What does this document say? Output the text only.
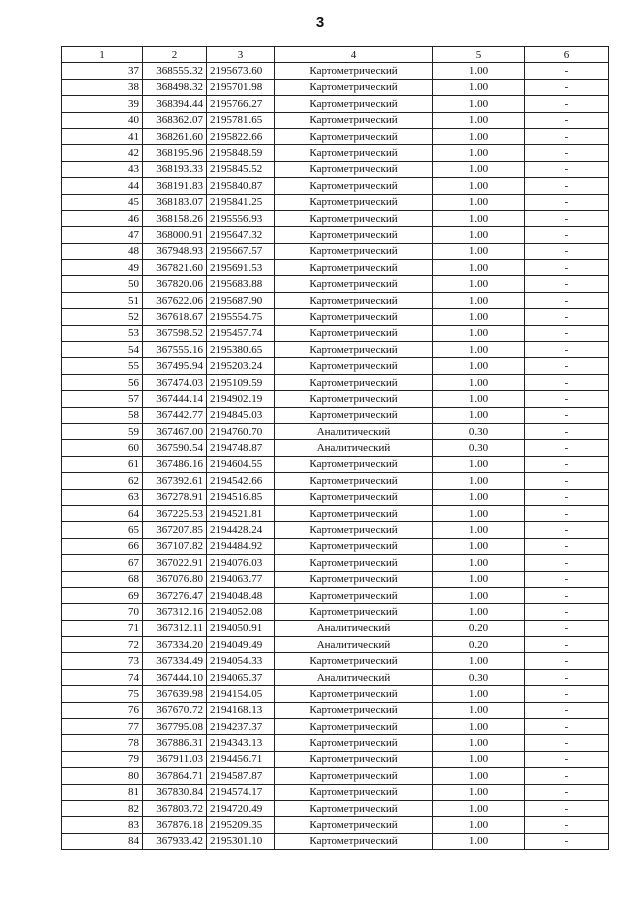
3
1	2	3	4	5	6
37	368555.32	2195673.60	Картометрический	1.00	-
38	368498.32	2195701.98	Картометрический	1.00	-
39	368394.44	2195766.27	Картометрический	1.00	-
40	368362.07	2195781.65	Картометрический	1.00	-
41	368261.60	2195822.66	Картометрический	1.00	-
42	368195.96	2195848.59	Картометрический	1.00	-
43	368193.33	2195845.52	Картометрический	1.00	-
44	368191.83	2195840.87	Картометрический	1.00	-
45	368183.07	2195841.25	Картометрический	1.00	-
46	368158.26	2195556.93	Картометрический	1.00	-
47	368000.91	2195647.32	Картометрический	1.00	-
48	367948.93	2195667.57	Картометрический	1.00	-
49	367821.60	2195691.53	Картометрический	1.00	-
50	367820.06	2195683.88	Картометрический	1.00	-
51	367622.06	2195687.90	Картометрический	1.00	-
52	367618.67	2195554.75	Картометрический	1.00	-
53	367598.52	2195457.74	Картометрический	1.00	-
54	367555.16	2195380.65	Картометрический	1.00	-
55	367495.94	2195203.24	Картометрический	1.00	-
56	367474.03	2195109.59	Картометрический	1.00	-
57	367444.14	2194902.19	Картометрический	1.00	-
58	367442.77	2194845.03	Картометрический	1.00	-
59	367467.00	2194760.70	Аналитический	0.30	-
60	367590.54	2194748.87	Аналитический	0.30	-
61	367486.16	2194604.55	Картометрический	1.00	-
62	367392.61	2194542.66	Картометрический	1.00	-
63	367278.91	2194516.85	Картометрический	1.00	-
64	367225.53	2194521.81	Картометрический	1.00	-
65	367207.85	2194428.24	Картометрический	1.00	-
66	367107.82	2194484.92	Картометрический	1.00	-
67	367022.91	2194076.03	Картометрический	1.00	-
68	367076.80	2194063.77	Картометрический	1.00	-
69	367276.47	2194048.48	Картометрический	1.00	-
70	367312.16	2194052.08	Картометрический	1.00	-
71	367312.11	2194050.91	Аналитический	0.20	-
72	367334.20	2194049.49	Аналитический	0.20	-
73	367334.49	2194054.33	Картометрический	1.00	-
74	367444.10	2194065.37	Аналитический	0.30	-
75	367639.98	2194154.05	Картометрический	1.00	-
76	367670.72	2194168.13	Картометрический	1.00	-
77	367795.08	2194237.37	Картометрический	1.00	-
78	367886.31	2194343.13	Картометрический	1.00	-
79	367911.03	2194456.71	Картометрический	1.00	-
80	367864.71	2194587.87	Картометрический	1.00	-
81	367830.84	2194574.17	Картометрический	1.00	-
82	367803.72	2194720.49	Картометрический	1.00	-
83	367876.18	2195209.35	Картометрический	1.00	-
84	367933.42	2195301.10	Картометрический	1.00	-
